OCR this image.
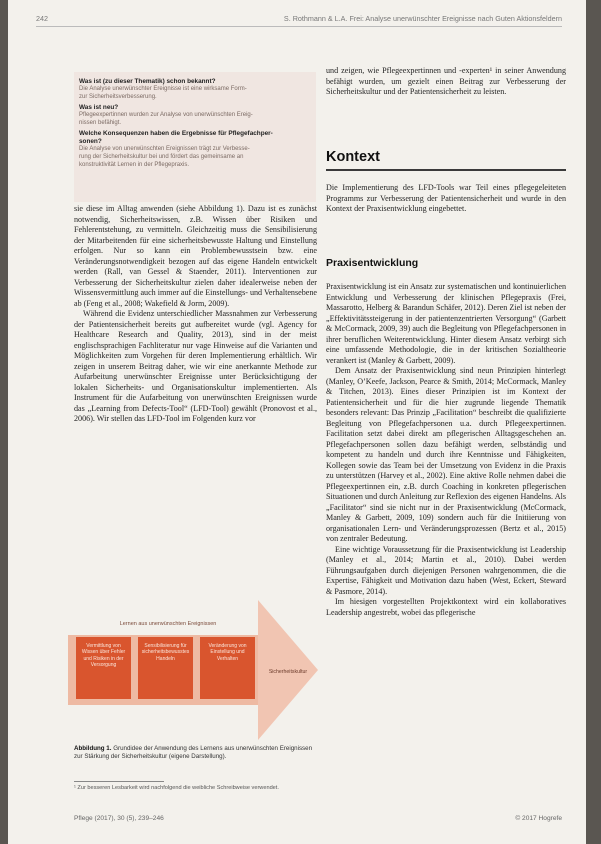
242	S. Rothmann & L.A. Frei: Analyse unerwünschter Ereignisse nach Guten Aktionsfeldern

Was ist (zu dieser Thematik) schon bekannt?

Die Analyse unerwünschter Ereignisse ist eine wirksame Form-
zur Sicherheitsverbesserung.

Was ist neu?

Pflegeexpertinnen wurden zur Analyse von unerwünschten Ereig-
nissen befähigt.

Welche Konsequenzen haben die Ergebnisse für Pflegefachper-
sonen?

Die Analyse von unerwünschten Ereignissen trägt zur Verbesse-
rung der Sicherheitskultur bei und fördert das gemeinsame an
konstruktivität Lernen in der Pflegepraxis.

sie diese im Alltag anwenden (siehe Abbildung 1). Dazu ist es zunächst notwendig, Sicherheitswissen, z.B. Wissen über Risiken und Fehlerentstehung, zu vermitteln. Gleichzeitig muss die Sensibilisierung der Mitarbeitenden für eine sicherheitsbewusste Haltung und Einstellung erfolgen. Nur so kann ein Problembewusstsein bzw. eine Veränderungsnotwendigkeit bezogen auf das eigene Handeln entwickelt werden (Rall, van Gessel & Staender, 2011). Interventionen zur Verbesserung der Sicherheitskultur zielen daher idealerweise neben der Wissensvermittlung auch immer auf die Einstellungs- und Verhaltensebene ab (Feng et al., 2008; Wakefield & Jorm, 2009).

Während die Evidenz unterschiedlicher Massnahmen zur Verbesserung der Patientensicherheit bereits gut aufbereitet wurde (vgl. Agency for Healthcare Research and Quality, 2013), sind in der meist englischsprachigen Fachliteratur nur vage Hinweise auf die Varianten und Möglichkeiten zum Vorgehen für deren Implementierung erhältlich. Wir zeigen in unserem Beitrag daher, wie wir eine anerkannte Methode zur Aufarbeitung unerwünschter Ereignisse unter Berücksichtigung der lokalen Sicherheits- und Organisationskultur implementierten. Als Instrument für die Aufarbeitung von unerwünschten Ereignissen wurde das „Learning from Defects-Tool“ (LFD-Tool) gewählt (Pronovost et al., 2006). Wir stellen das LFD-Tool im Folgenden kurz vor

Lernen aus unerwünschten Ereignissen
Vermittlung von Wissen über Fehler und Risiken in der Versorgung
Sensibilisierung für sicherheitsbewusstes Handeln
Veränderung von Einstellung und Verhalten
Sicherheitskultur
Abbildung 1. Grundidee der Anwendung des Lernens aus unerwünschten Ereignissen zur Stärkung der Sicherheitskultur (eigene Darstellung).

und zeigen, wie Pflegeexpertinnen und -experten¹ in seiner Anwendung befähigt wurden, um gezielt einen Beitrag zur Verbesserung der Sicherheitskultur und der Patientensicherheit zu leisten.

Kontext

Die Implementierung des LFD-Tools war Teil eines pflegegeleiteten Programms zur Verbesserung der Patientensicherheit und wurde in den Kontext der Praxisentwicklung eingebettet.

Praxisentwicklung

Praxisentwicklung ist ein Ansatz zur systematischen und kontinuierlichen Entwicklung und Verbesserung der klinischen Pflegepraxis (Frei, Massarotto, Helberg & Barandun Schäfer, 2012). Deren Ziel ist neben der „Effektivitätssteigerung in der patientenzentrierten Versorgung“ (Garbett & McCormack, 2009, 39) auch die Begleitung von Pflegefachpersonen in ihrer beruflichen Weiterentwicklung. Hinter diesem Ansatz verbirgt sich eine umfassende Methodologie, die in der kritischen Sozialtheorie verankert ist (Manley & Garbett, 2009).

Dem Ansatz der Praxisentwicklung sind neun Prinzipien hinterlegt (Manley, O’Keefe, Jackson, Pearce & Smith, 2014; McCormack, Manley & Titchen, 2013). Eines dieser Prinzipien ist im Kontext der Patientensicherheit und für die hier zugrunde liegende Thematik besonders relevant: Das Prinzip „Facilitation“ beschreibt die qualifizierte Begleitung von Pflegefachpersonen u.a. durch Pflegeexpertinnen. Facilitation setzt dabei direkt am pflegerischen Alltagsgeschehen an. Pflegefachpersonen sollen dazu befähigt werden, selbständig und kompetent zu handeln und durch ihre Kenntnisse und Fähigkeiten, Kollegen sowie das Team bei der Umsetzung von Evidenz in die Praxis zu unterstützen (Harvey et al., 2002). Eine aktive Rolle nehmen dabei die Pflegeexpertinnen ein, z.B. durch Coaching in konkreten pflegerischen Situationen und durch Anleitung zur Reflexion des eigenen Handelns. Als „Facilitator“ sind sie nicht nur in der Praxisentwicklung (McCormack, Manley & Garbett, 2009, 109) sondern auch für die Initiierung von organisationalen Lern- und Veränderungsprozessen (Bertz et al., 2015) von zentraler Bedeutung.

Eine wichtige Voraussetzung für die Praxisentwicklung ist Leadership (Manley et al., 2014; Martin et al., 2010). Dabei werden Führungsaufgaben durch diejenigen Personen wahrgenommen, die die Expertise, Fähigkeit und Motivation dazu haben (West, Eckert, Steward & Pasmore, 2014).

Im hiesigen vorgestellten Projektkontext wird ein kollaboratives Leadership angestrebt, wobei das pflegerische

¹ Zur besseren Lesbarkeit wird nachfolgend die weibliche Schreibweise verwendet.
Pflege (2017), 30 (5), 239–246	© 2017 Hogrefe
